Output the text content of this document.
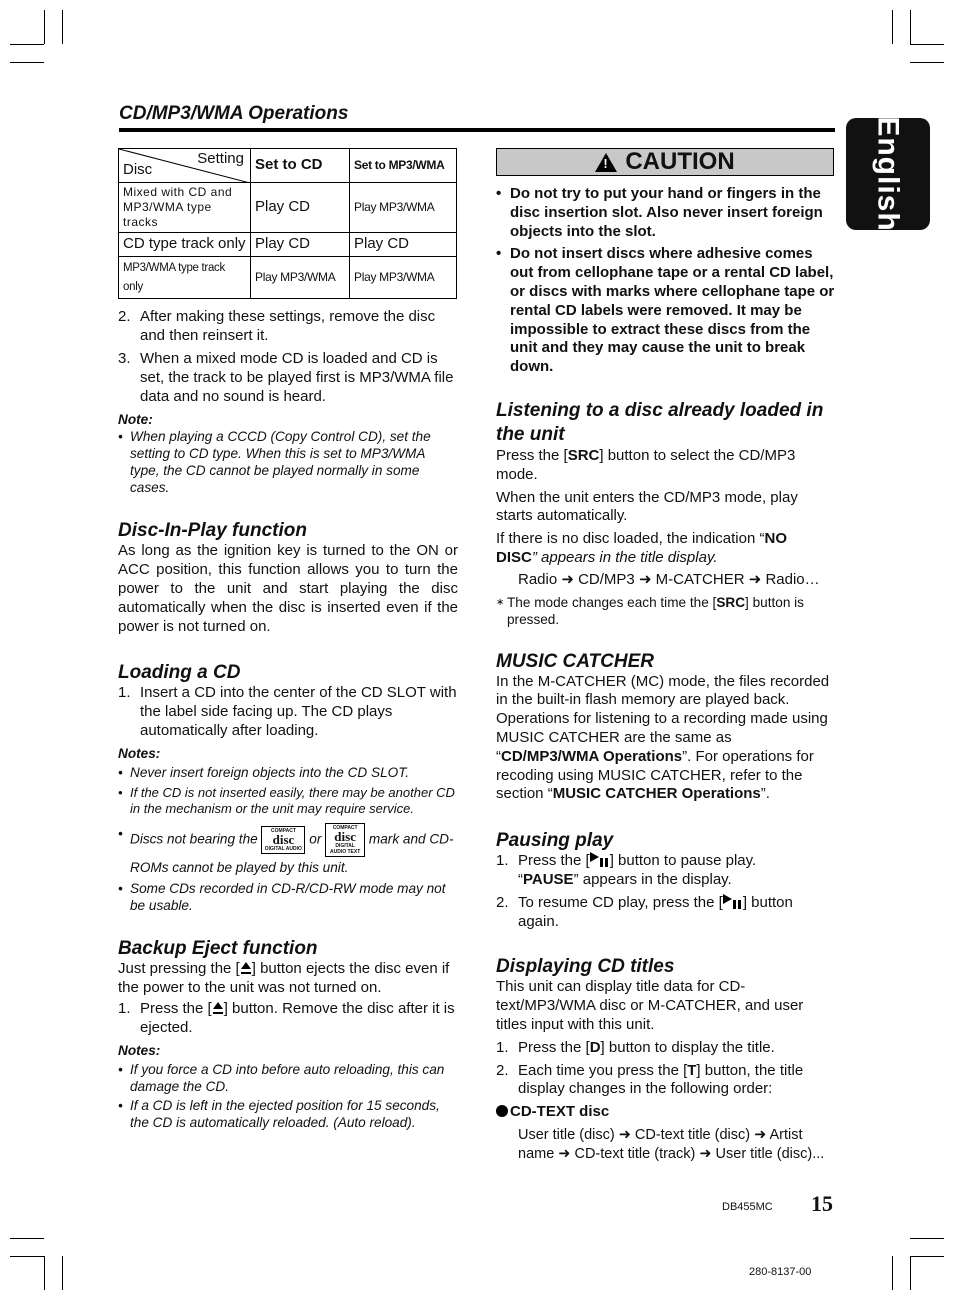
CD/MP3/WMA Operations
English
Setting
Disc	Set to CD	Set to MP3/WMA
Mixed with CD and MP3/WMA type tracks	Play CD	Play MP3/WMA
CD type track only	Play CD	Play CD
MP3/WMA type track only	Play MP3/WMA	Play MP3/WMA
2. After making these settings, remove the disc and then reinsert it.
3. When a mixed mode CD is loaded and CD is set, the track to be played first is MP3/WMA file data and no sound is heard.

Note:

• When playing a CCCD (Copy Control CD), set the setting to CD type. When this is set to MP3/WMA type, the CD cannot be played normally in some cases.
Disc-In-Play function

As long as the ignition key is turned to the ON or ACC position, this function allows you to turn the power to the unit and start playing the disc automatically when the disc is inserted even if the power is not turned on.

Loading a CD
1. Insert a CD into the center of the CD SLOT with the label side facing up. The CD plays automatically after loading.

Notes:

• Never insert foreign objects into the CD SLOT.
• If the CD is not inserted easily, there may be another CD in the mechanism or the unit may require service.
• Discs not bearing the
COMPACT
disc
DIGITAL AUDIO
or
COMPACT
disc
DIGITAL AUDIO TEXT
mark and CD-ROMs cannot be played by this unit.
• Some CDs recorded in CD-R/CD-RW mode may not be usable.
Backup Eject function

Just pressing the [ ] button ejects the disc even if the power to the unit was not turned on.

1. Press the [ ] button. Remove the disc after it is ejected.

Notes:

• If you force a CD into before auto reloading, this can damage the CD.
• If a CD is left in the ejected position for 15 seconds, the CD is automatically reloaded. (Auto reload).
!
CAUTION
• Do not try to put your hand or fingers in the disc insertion slot. Also never insert foreign objects into the slot.
• Do not insert discs where adhesive comes out from cellophane tape or a rental CD label, or discs with marks where cellophane tape or rental CD labels were removed. It may be impossible to extract these discs from the unit and they may cause the unit to break down.
Listening to a disc already loaded in the unit

Press the [SRC] button to select the CD/MP3 mode.

When the unit enters the CD/MP3 mode, play starts automatically.

If there is no disc loaded, the indication “NO
DISC” appears in the title display.

Radio ➜ CD/MP3 ➜ M-CATCHER ➜ Radio…

∗ The mode changes each time the [SRC] button is pressed.
MUSIC CATCHER

In the M-CATCHER (MC) mode, the files recorded in the built-in flash memory are played back. Operations for listening to a recording made using MUSIC CATCHER are the same as “CD/MP3/WMA Operations”. For operations for recoding using MUSIC CATCHER, refer to the section “MUSIC CATCHER Operations”.

Pausing play
1. Press the [ ] button to pause play.
“PAUSE” appears in the display.
2. To resume CD play, press the [ ] button again.
Displaying CD titles

This unit can display title data for CD-text/MP3/WMA disc or M-CATCHER, and user titles input with this unit.

1. Press the [D] button to display the title.
2. Each time you press the [T] button, the title display changes in the following order:

CD-TEXT disc

User title (disc) ➜ CD-text title (disc) ➜ Artist name ➜ CD-text title (track) ➜ User title (disc)...

DB455MC 15
280-8137-00
